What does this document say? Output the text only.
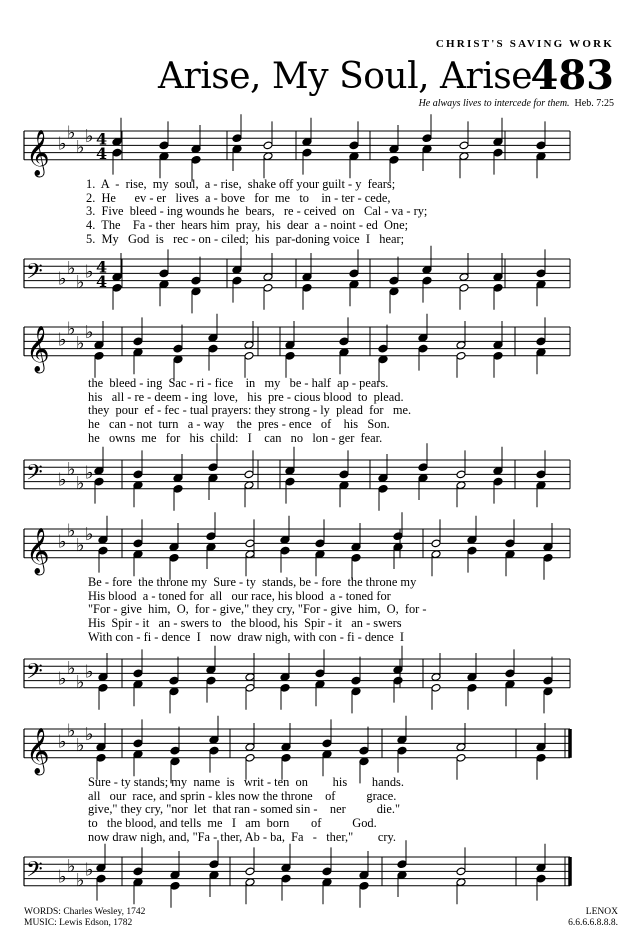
CHRIST'S SAVING WORK
Arise, My Soul, Arise
483
He always lives to intercede for them. Heb. 7:25
𝄞 ♭
♭
♭
♭
𝄞 ♭
♭
♭
♭
𝄞 ♭
♭
♭
♭
𝄞 ♭
♭
♭
♭
𝄢 ♭
♭
♭
♭
𝄢 ♭
♭
♭
♭
𝄢 ♭
♭
♭
♭
𝄢 ♭
♭
♭
♭
4
4
4
4
1.  A  -  rise,  my  soul,  a - rise,  shake off your guilt - y  fears;
2.  He      ev - er   lives  a - bove   for  me   to    in - ter - cede,
3.  Five  bleed - ing wounds he  bears,   re - ceived  on   Cal - va - ry;
4.  The    Fa - ther  hears him  pray,  his  dear  a - noint - ed  One;
5.  My   God  is   rec - on - ciled;  his  par-doning voice  I   hear;
the  bleed - ing  Sac - ri - fice    in   my   be - half  ap - pears.
his   all - re - deem - ing  love,   his  pre - cious blood  to  plead.
they  pour  ef - fec - tual prayers: they strong - ly  plead  for   me.
he   can - not  turn   a - way    the  pres - ence   of    his   Son.
he   owns  me   for   his  child:   I    can   no   lon - ger  fear.
Be - fore  the throne my  Sure - ty  stands, be - fore  the throne my
His blood  a - toned for  all   our race, his blood  a - toned for
"For - give  him,  O,  for - give," they cry, "For - give  him,  O,  for -
His  Spir - it   an - swers to   the blood, his  Spir - it   an - swers
With con - fi - dence  I   now  draw nigh, with con - fi - dence  I
Sure - ty stands; my  name  is   writ - ten  on        his        hands.
all   our  race, and sprin - kles now the throne    of          grace.
give," they cry, "nor  let  that ran - somed sin -    ner          die."
to   the blood, and tells  me   I   am  born       of          God.
now draw nigh, and, "Fa - ther, Ab - ba,  Fa   -   ther,"        cry.
WORDS: Charles Wesley, 1742
MUSIC: Lewis Edson, 1782
LENOX
6.6.6.6.8.8.8.
